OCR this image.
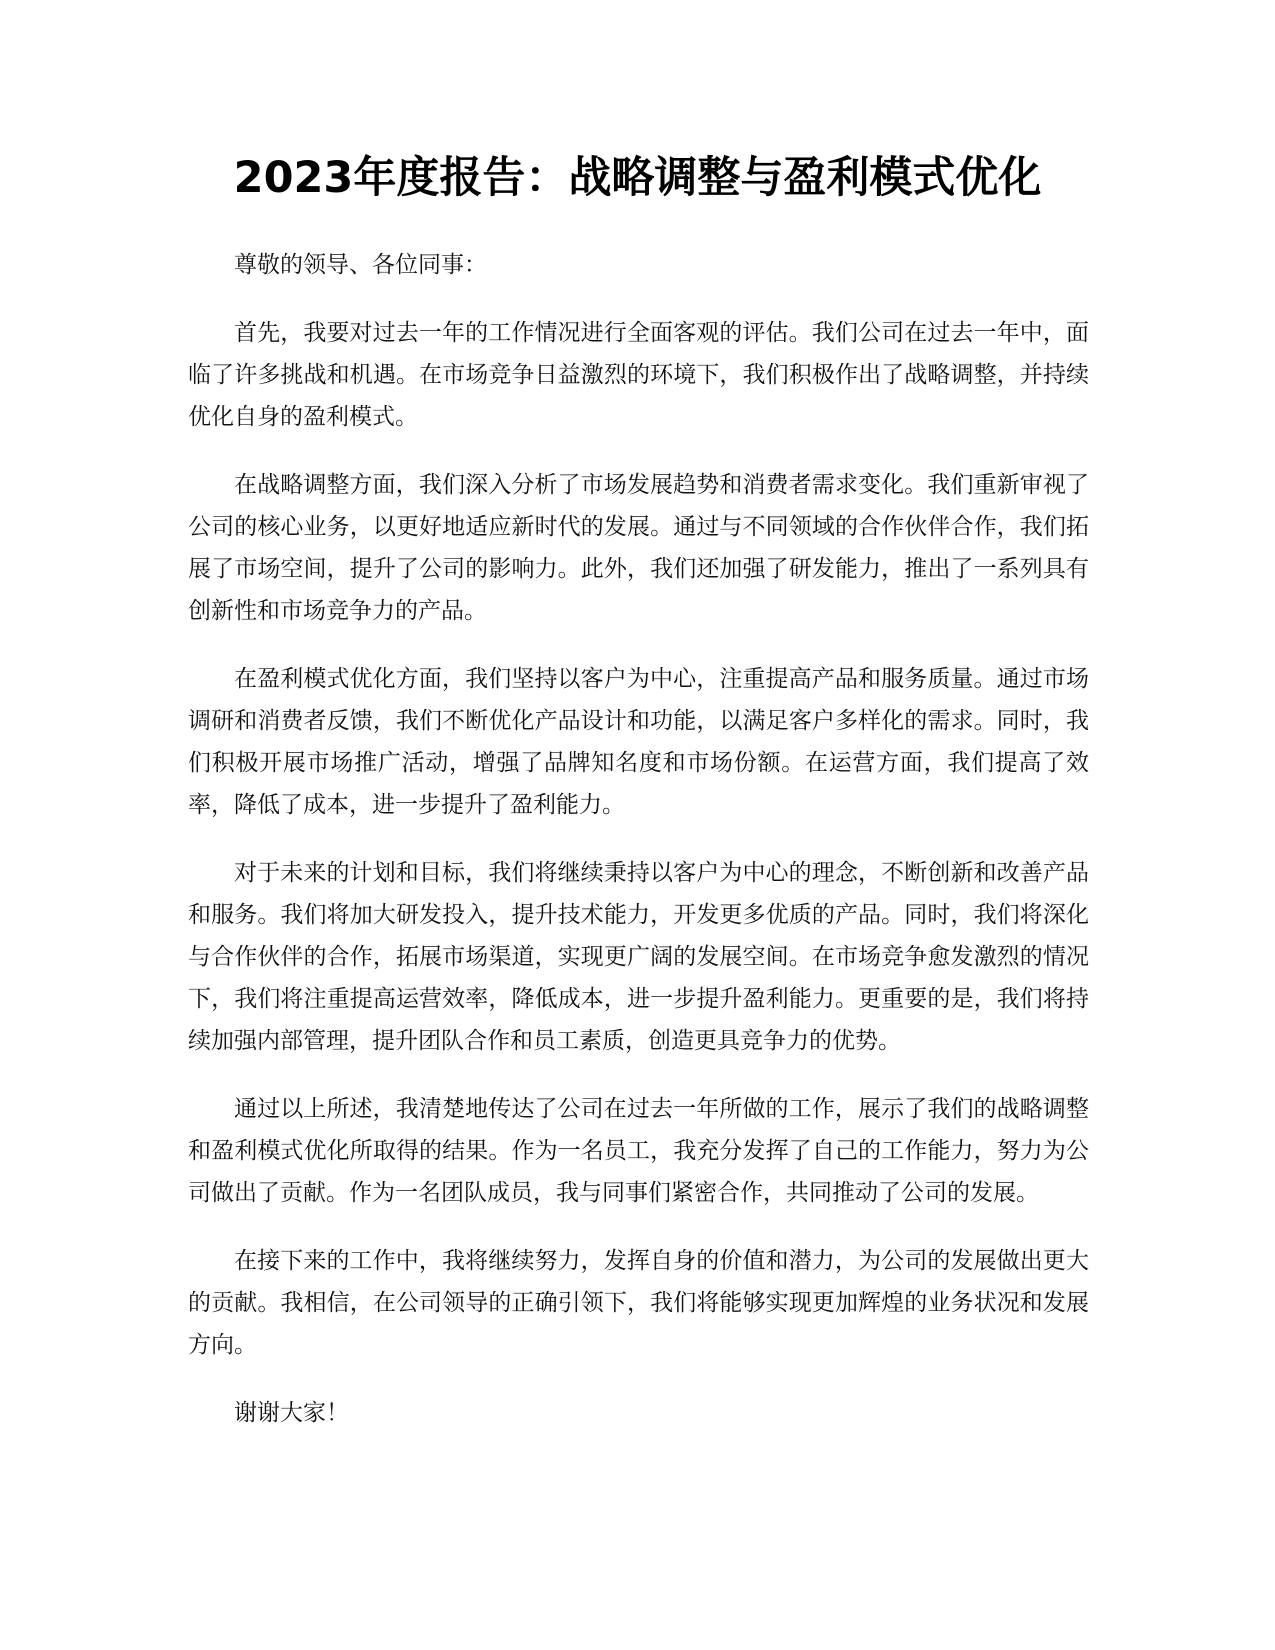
2023年度报告：战略调整与盈利模式优化

尊敬的领导、各位同事：

首先，我要对过去一年的工作情况进行全面客观的评估。我们公司在过去一年中，面临了许多挑战和机遇。在市场竞争日益激烈的环境下，我们积极作出了战略调整，并持续优化自身的盈利模式。

在战略调整方面，我们深入分析了市场发展趋势和消费者需求变化。我们重新审视了公司的核心业务，以更好地适应新时代的发展。通过与不同领域的合作伙伴合作，我们拓展了市场空间，提升了公司的影响力。此外，我们还加强了研发能力，推出了一系列具有创新性和市场竞争力的产品。

在盈利模式优化方面，我们坚持以客户为中心，注重提高产品和服务质量。通过市场调研和消费者反馈，我们不断优化产品设计和功能，以满足客户多样化的需求。同时，我们积极开展市场推广活动，增强了品牌知名度和市场份额。在运营方面，我们提高了效率，降低了成本，进一步提升了盈利能力。

对于未来的计划和目标，我们将继续秉持以客户为中心的理念，不断创新和改善产品和服务。我们将加大研发投入，提升技术能力，开发更多优质的产品。同时，我们将深化与合作伙伴的合作，拓展市场渠道，实现更广阔的发展空间。在市场竞争愈发激烈的情况下，我们将注重提高运营效率，降低成本，进一步提升盈利能力。更重要的是，我们将持续加强内部管理，提升团队合作和员工素质，创造更具竞争力的优势。

通过以上所述，我清楚地传达了公司在过去一年所做的工作，展示了我们的战略调整和盈利模式优化所取得的结果。作为一名员工，我充分发挥了自己的工作能力，努力为公司做出了贡献。作为一名团队成员，我与同事们紧密合作，共同推动了公司的发展。

在接下来的工作中，我将继续努力，发挥自身的价值和潜力，为公司的发展做出更大的贡献。我相信，在公司领导的正确引领下，我们将能够实现更加辉煌的业务状况和发展方向。

谢谢大家！
